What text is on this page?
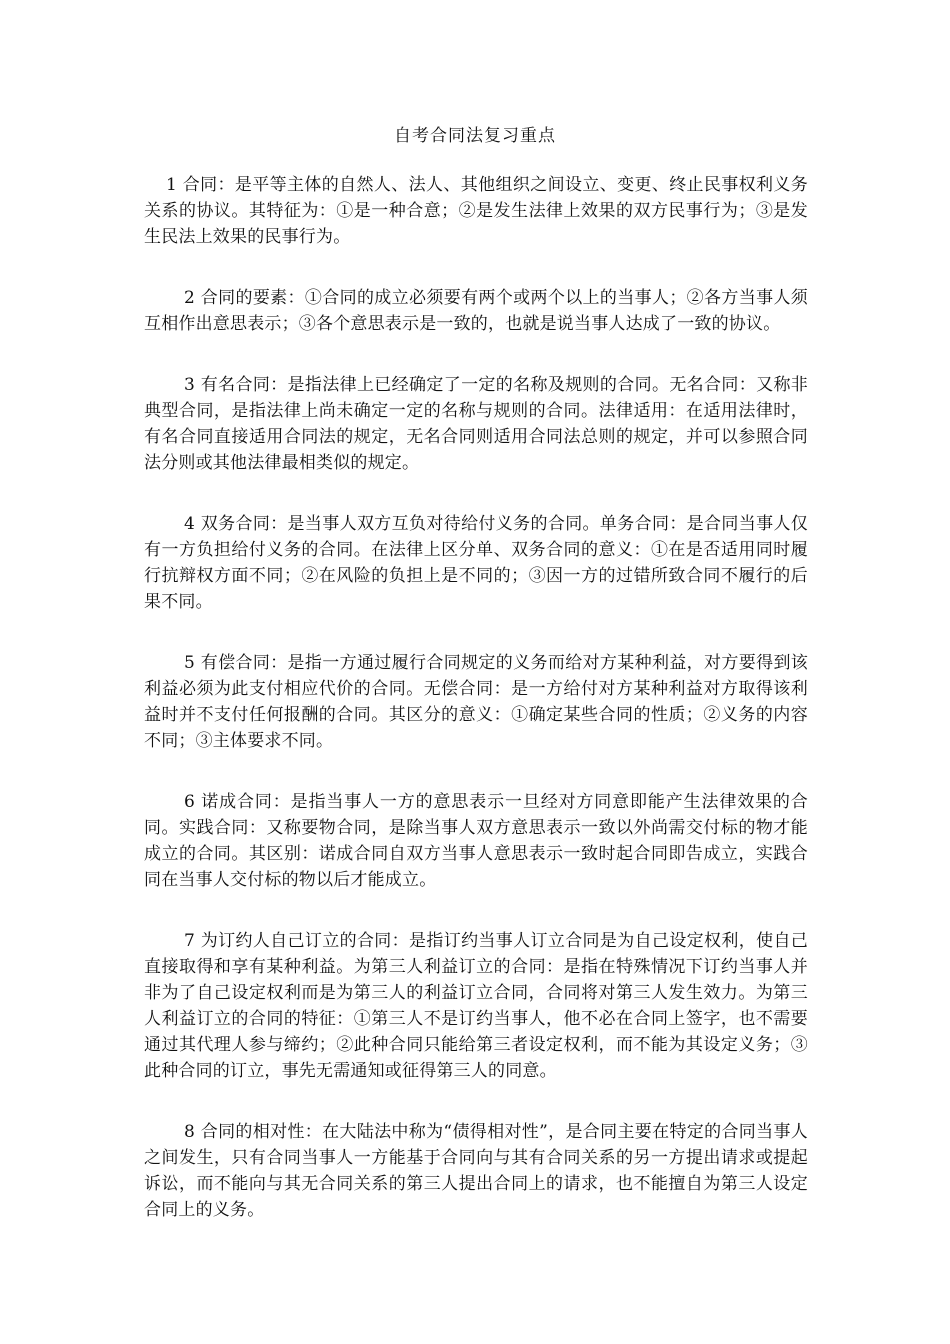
自考合同法复习重点

1 合同：是平等主体的自然人、法人、其他组织之间设立、变更、终止民事权利义务关系的协议。其特征为：①是一种合意；②是发生法律上效果的双方民事行为；③是发生民法上效果的民事行为。

2 合同的要素：①合同的成立必须要有两个或两个以上的当事人；②各方当事人须互相作出意思表示；③各个意思表示是一致的，也就是说当事人达成了一致的协议。

3 有名合同：是指法律上已经确定了一定的名称及规则的合同。无名合同：又称非典型合同，是指法律上尚未确定一定的名称与规则的合同。法律适用：在适用法律时，有名合同直接适用合同法的规定，无名合同则适用合同法总则的规定，并可以参照合同法分则或其他法律最相类似的规定。

4 双务合同：是当事人双方互负对待给付义务的合同。单务合同：是合同当事人仅有一方负担给付义务的合同。在法律上区分单、双务合同的意义：①在是否适用同时履行抗辩权方面不同；②在风险的负担上是不同的；③因一方的过错所致合同不履行的后果不同。

5 有偿合同：是指一方通过履行合同规定的义务而给对方某种利益，对方要得到该利益必须为此支付相应代价的合同。无偿合同：是一方给付对方某种利益对方取得该利益时并不支付任何报酬的合同。其区分的意义：①确定某些合同的性质；②义务的内容不同；③主体要求不同。

6 诺成合同：是指当事人一方的意思表示一旦经对方同意即能产生法律效果的合同。实践合同：又称要物合同，是除当事人双方意思表示一致以外尚需交付标的物才能成立的合同。其区别：诺成合同自双方当事人意思表示一致时起合同即告成立，实践合同在当事人交付标的物以后才能成立。

7 为订约人自己订立的合同：是指订约当事人订立合同是为自己设定权利，使自己直接取得和享有某种利益。为第三人利益订立的合同：是指在特殊情况下订约当事人并非为了自己设定权利而是为第三人的利益订立合同，合同将对第三人发生效力。为第三人利益订立的合同的特征：①第三人不是订约当事人，他不必在合同上签字，也不需要通过其代理人参与缔约；②此种合同只能给第三者设定权利，而不能为其设定义务；③此种合同的订立，事先无需通知或征得第三人的同意。

8 合同的相对性：在大陆法中称为“债得相对性”，是合同主要在特定的合同当事人之间发生，只有合同当事人一方能基于合同向与其有合同关系的另一方提出请求或提起诉讼，而不能向与其无合同关系的第三人提出合同上的请求，也不能擅自为第三人设定合同上的义务。
